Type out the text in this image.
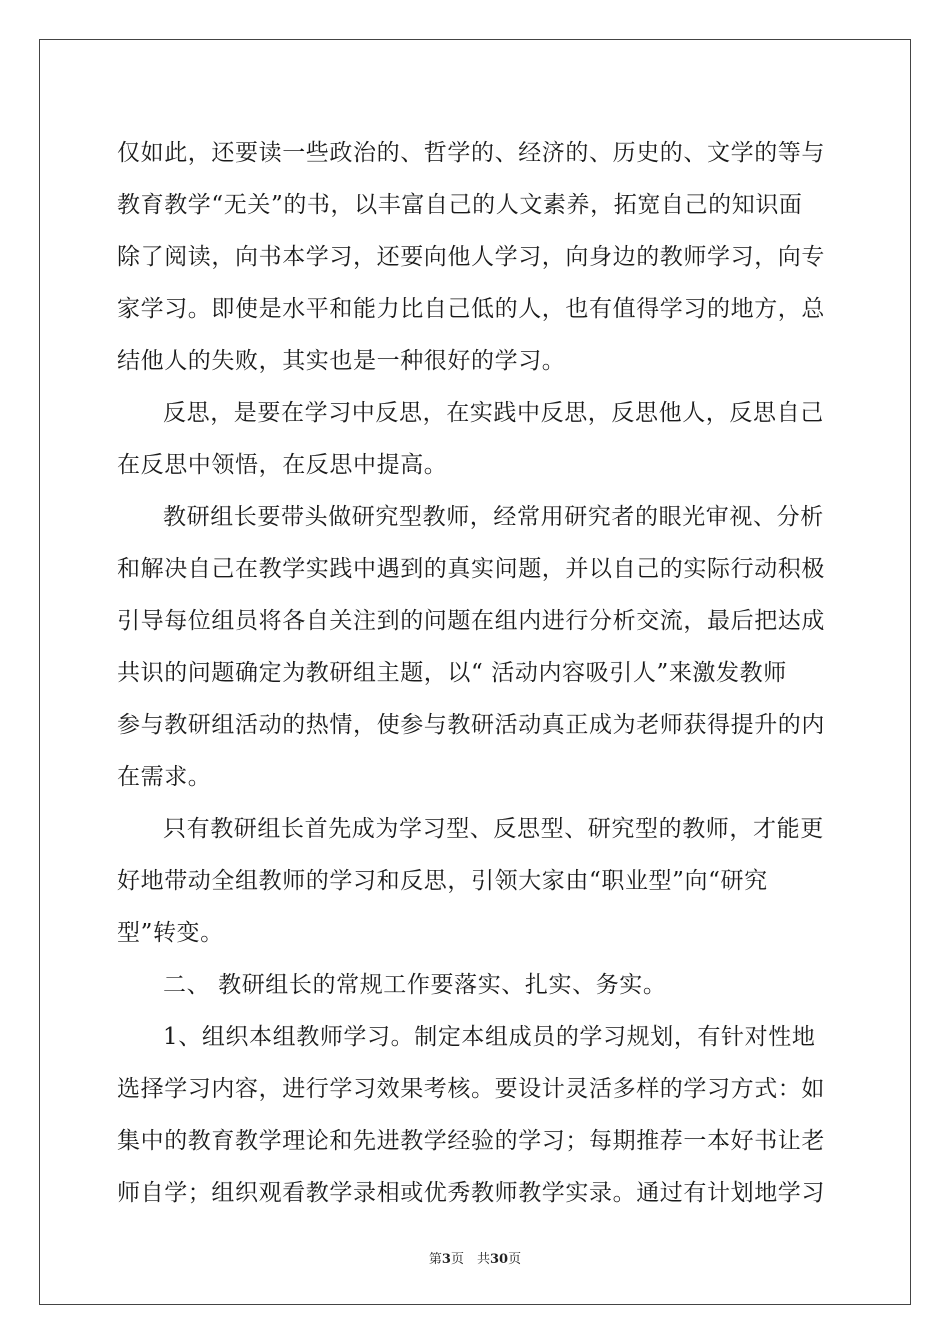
仅如此，还要读一些政治的、哲学的、经济的、历史的、文学的等与
教育教学“无关”的书，以丰富自己的人文素养，拓宽自己的知识面
除了阅读，向书本学习，还要向他人学习，向身边的教师学习，向专
家学习。即使是水平和能力比自己低的人，也有值得学习的地方，总
结他人的失败，其实也是一种很好的学习。
反思，是要在学习中反思，在实践中反思，反思他人，反思自己
在反思中领悟，在反思中提高。
教研组长要带头做研究型教师，经常用研究者的眼光审视、分析
和解决自己在教学实践中遇到的真实问题，并以自己的实际行动积极
引导每位组员将各自关注到的问题在组内进行分析交流，最后把达成
共识的问题确定为教研组主题，以“ 活动内容吸引人”来激发教师
参与教研组活动的热情，使参与教研活动真正成为老师获得提升的内
在需求。
只有教研组长首先成为学习型、反思型、研究型的教师，才能更
好地带动全组教师的学习和反思，引领大家由“职业型”向“研究
型”转变。
二、 教研组长的常规工作要落实、扎实、务实。
1、组织本组教师学习。制定本组成员的学习规划，有针对性地
选择学习内容，进行学习效果考核。要设计灵活多样的学习方式：如
集中的教育教学理论和先进教学经验的学习；每期推荐一本好书让老
师自学；组织观看教学录相或优秀教师教学实录。通过有计划地学习
第3页　共30页
